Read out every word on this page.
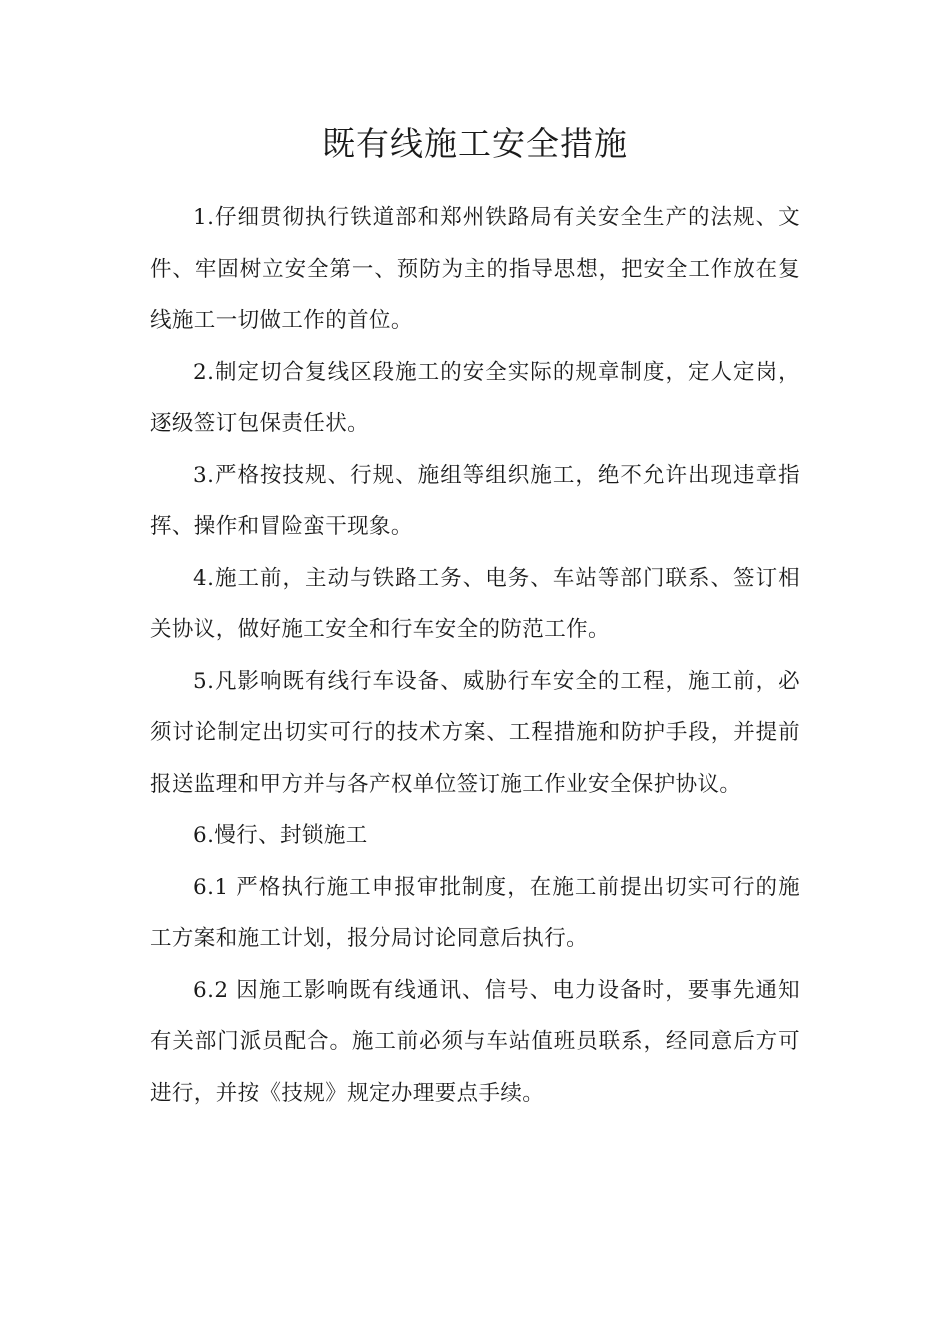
既有线施工安全措施

1.仔细贯彻执行铁道部和郑州铁路局有关安全生产的法规、文件、牢固树立安全第一、预防为主的指导思想，把安全工作放在复线施工一切做工作的首位。

2.制定切合复线区段施工的安全实际的规章制度，定人定岗，逐级签订包保责任状。

3.严格按技规、行规、施组等组织施工，绝不允许出现违章指挥、操作和冒险蛮干现象。

4.施工前，主动与铁路工务、电务、车站等部门联系、签订相关协议，做好施工安全和行车安全的防范工作。

5.凡影响既有线行车设备、威胁行车安全的工程，施工前，必须讨论制定出切实可行的技术方案、工程措施和防护手段，并提前报送监理和甲方并与各产权单位签订施工作业安全保护协议。

6.慢行、封锁施工

6.1 严格执行施工申报审批制度，在施工前提出切实可行的施工方案和施工计划，报分局讨论同意后执行。

6.2 因施工影响既有线通讯、信号、电力设备时，要事先通知有关部门派员配合。施工前必须与车站值班员联系，经同意后方可进行，并按《技规》规定办理要点手续。
